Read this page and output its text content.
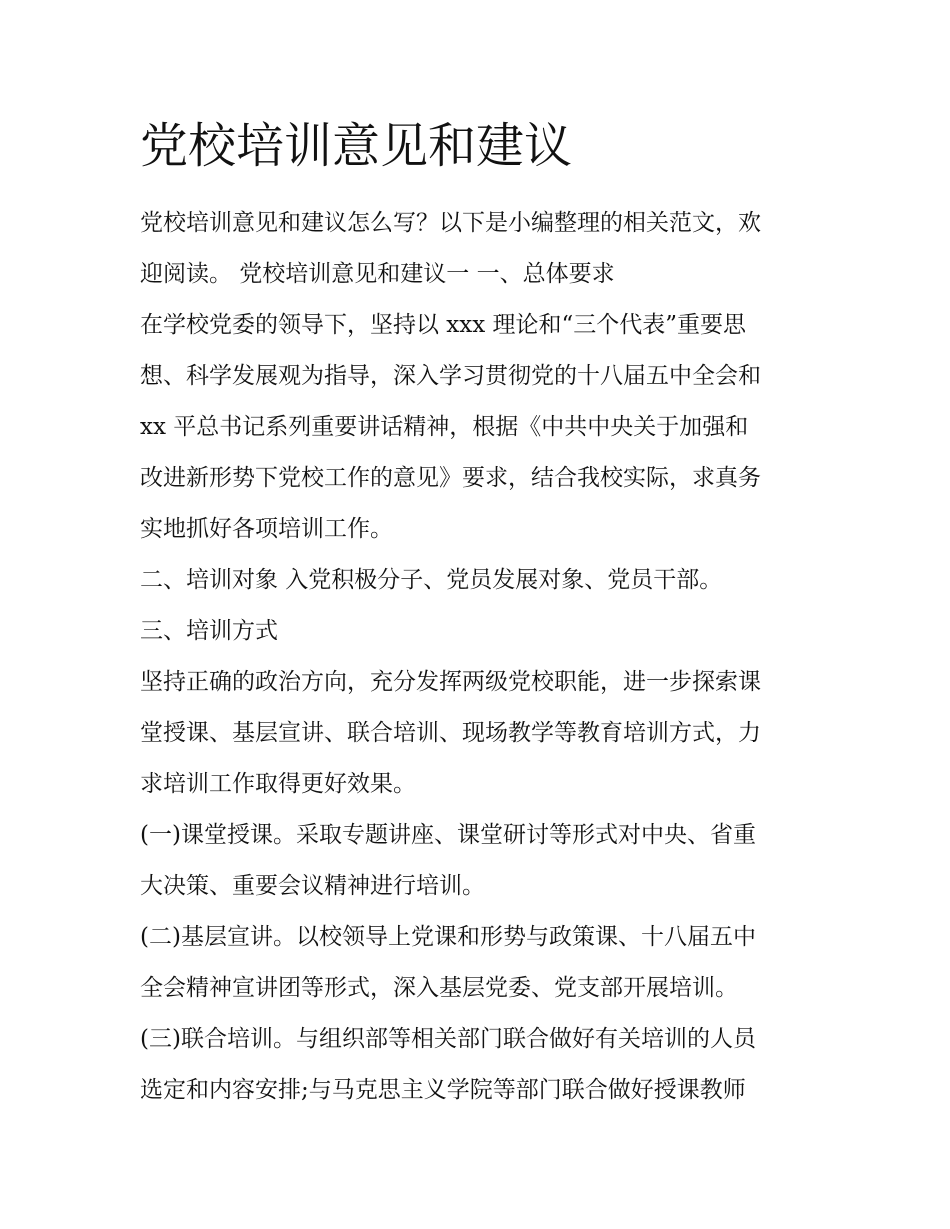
党校培训意见和建议
党校培训意见和建议怎么写？以下是小编整理的相关范文，欢
迎阅读。 党校培训意见和建议一 一、总体要求
在学校党委的领导下，坚持以 xxx 理论和“三个代表”重要思
想、科学发展观为指导，深入学习贯彻党的十八届五中全会和
xx 平总书记系列重要讲话精神，根据《中共中央关于加强和
改进新形势下党校工作的意见》要求，结合我校实际，求真务
实地抓好各项培训工作。
二、培训对象 入党积极分子、党员发展对象、党员干部。
三、培训方式
坚持正确的政治方向，充分发挥两级党校职能，进一步探索课
堂授课、基层宣讲、联合培训、现场教学等教育培训方式，力
求培训工作取得更好效果。
(一)课堂授课。采取专题讲座、课堂研讨等形式对中央、省重
大决策、重要会议精神进行培训。
(二)基层宣讲。以校领导上党课和形势与政策课、十八届五中
全会精神宣讲团等形式，深入基层党委、党支部开展培训。
(三)联合培训。与组织部等相关部门联合做好有关培训的人员
选定和内容安排;与马克思主义学院等部门联合做好授课教师
